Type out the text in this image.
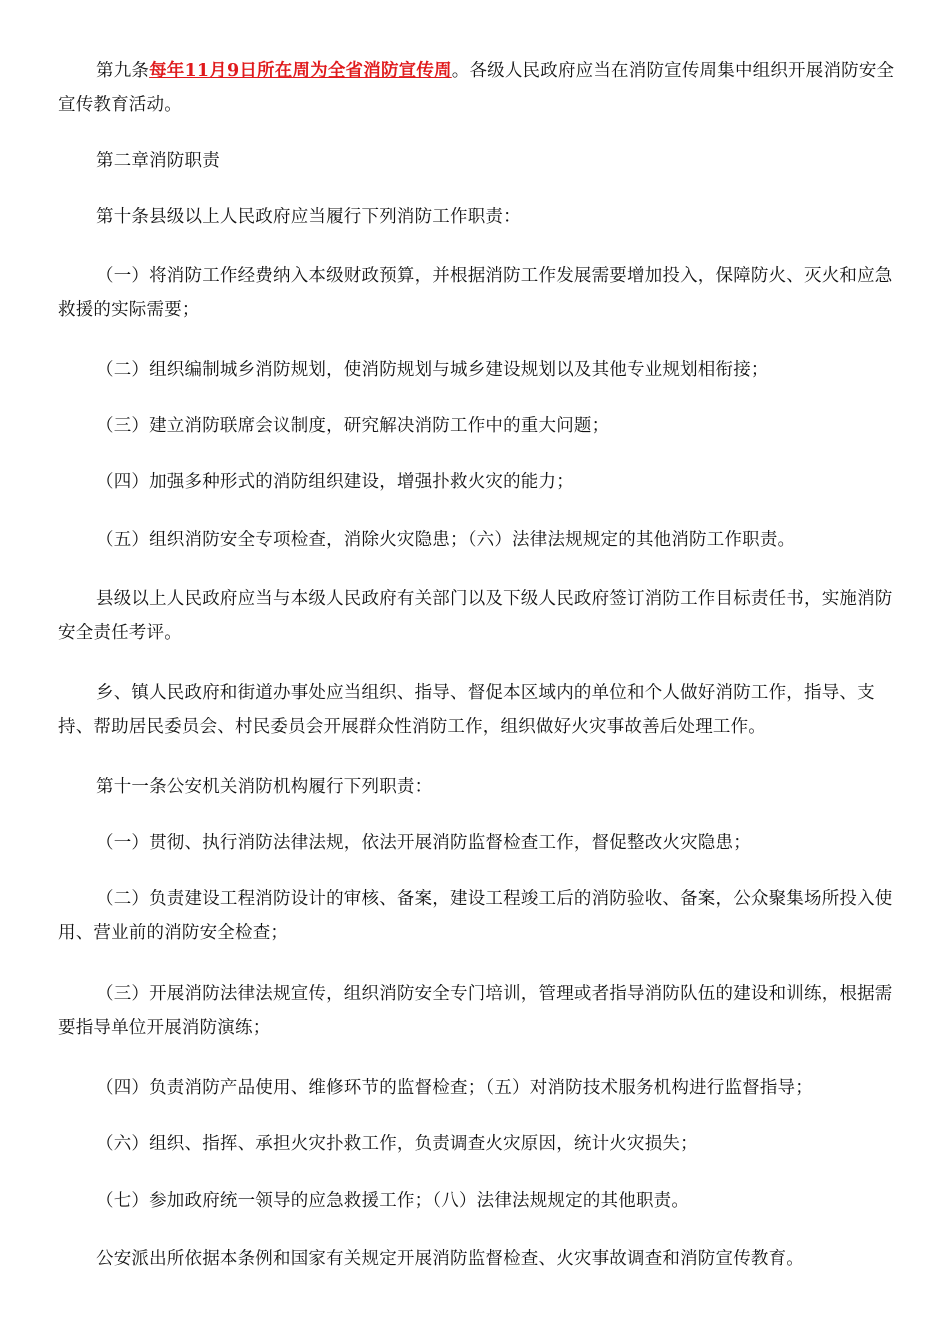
第九条每年11月9日所在周为全省消防宣传周。各级人民政府应当在消防宣传周集中组织开展消防安全宣传教育活动。

第二章消防职责

第十条县级以上人民政府应当履行下列消防工作职责：

（一）将消防工作经费纳入本级财政预算，并根据消防工作发展需要增加投入，保障防火、灭火和应急救援的实际需要；

（二）组织编制城乡消防规划，使消防规划与城乡建设规划以及其他专业规划相衔接；

（三）建立消防联席会议制度，研究解决消防工作中的重大问题；

（四）加强多种形式的消防组织建设，增强扑救火灾的能力；

（五）组织消防安全专项检查，消除火灾隐患；（六）法律法规规定的其他消防工作职责。

县级以上人民政府应当与本级人民政府有关部门以及下级人民政府签订消防工作目标责任书，实施消防安全责任考评。

乡、镇人民政府和街道办事处应当组织、指导、督促本区域内的单位和个人做好消防工作，指导、支持、帮助居民委员会、村民委员会开展群众性消防工作，组织做好火灾事故善后处理工作。

第十一条公安机关消防机构履行下列职责：

（一）贯彻、执行消防法律法规，依法开展消防监督检查工作，督促整改火灾隐患；

（二）负责建设工程消防设计的审核、备案，建设工程竣工后的消防验收、备案，公众聚集场所投入使用、营业前的消防安全检查；

（三）开展消防法律法规宣传，组织消防安全专门培训，管理或者指导消防队伍的建设和训练，根据需要指导单位开展消防演练；

（四）负责消防产品使用、维修环节的监督检查；（五）对消防技术服务机构进行监督指导；

（六）组织、指挥、承担火灾扑救工作，负责调查火灾原因，统计火灾损失；

（七）参加政府统一领导的应急救援工作；（八）法律法规规定的其他职责。

公安派出所依据本条例和国家有关规定开展消防监督检查、火灾事故调查和消防宣传教育。
